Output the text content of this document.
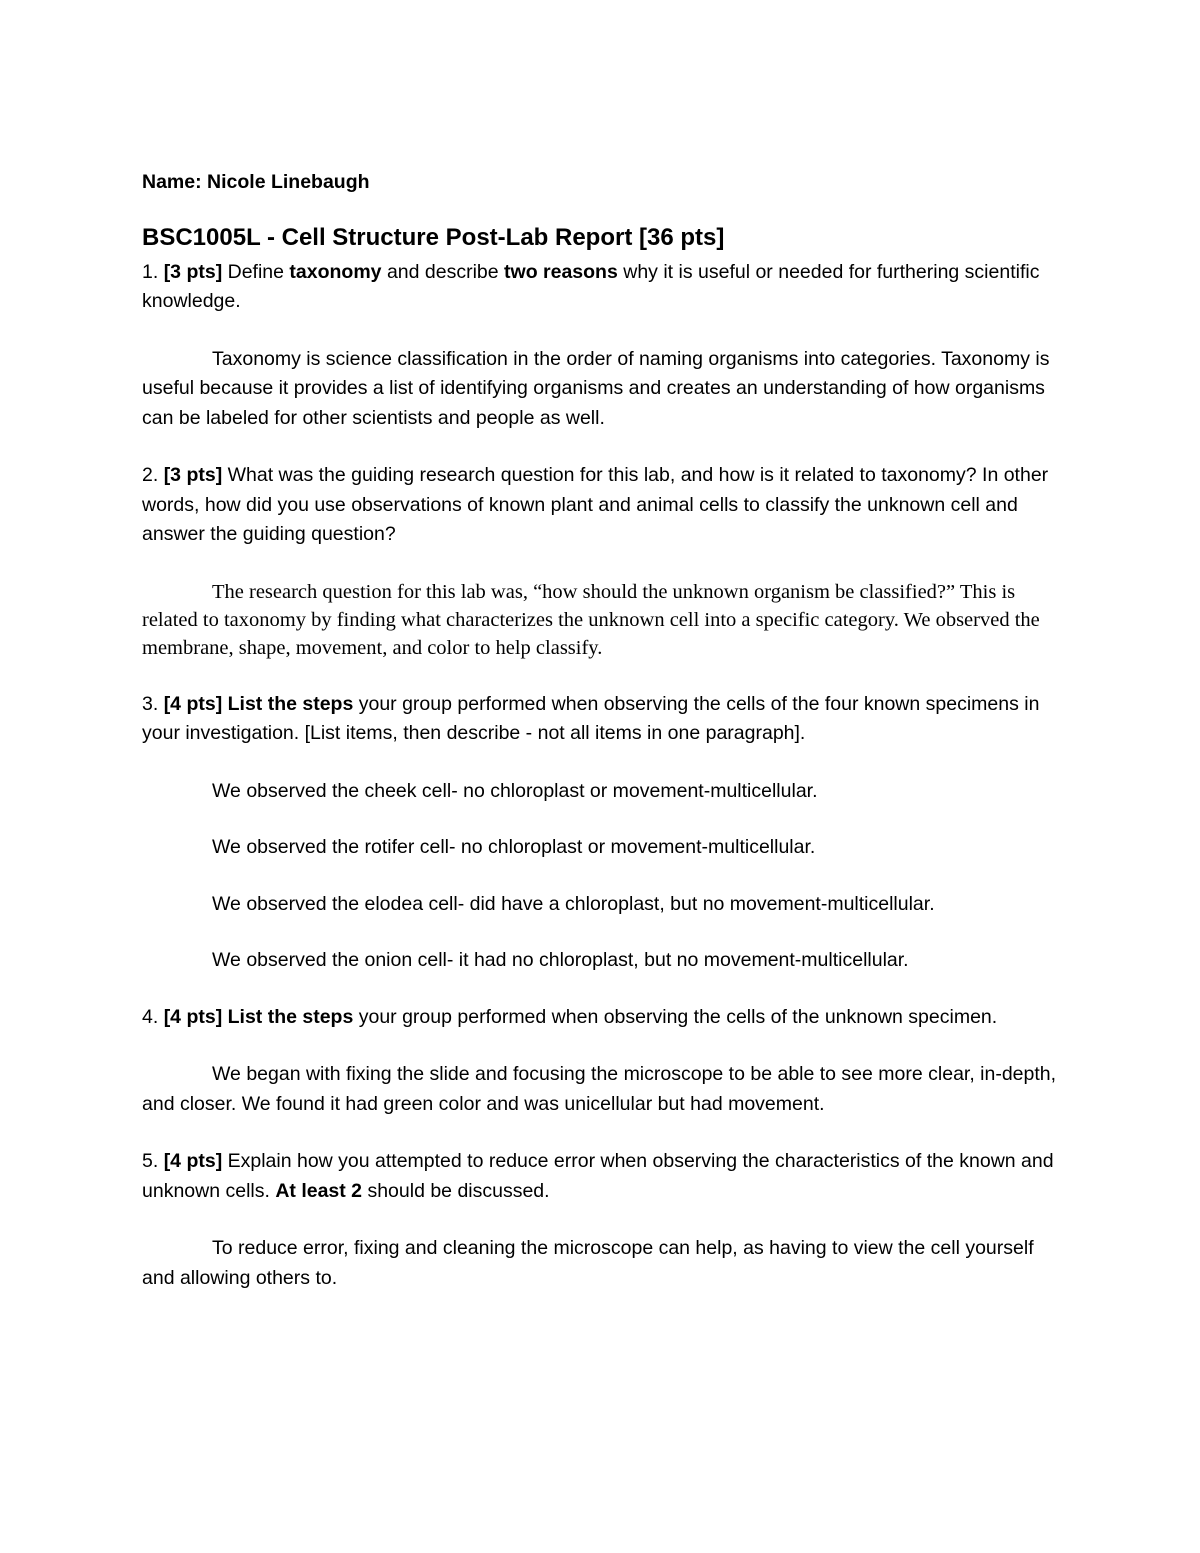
Name: Nicole Linebaugh

BSC1005L - Cell Structure Post-Lab Report [36 pts]

1. [3 pts] Define taxonomy and describe two reasons why it is useful or needed for furthering scientific knowledge.

Taxonomy is science classification in the order of naming organisms into categories. Taxonomy is useful because it provides a list of identifying organisms and creates an understanding of how organisms can be labeled for other scientists and people as well.

2. [3 pts] What was the guiding research question for this lab, and how is it related to taxonomy? In other words, how did you use observations of known plant and animal cells to classify the unknown cell and answer the guiding question?

The research question for this lab was, “how should the unknown organism be classified?” This is related to taxonomy by finding what characterizes the unknown cell into a specific category. We observed the membrane, shape, movement, and color to help classify.

3. [4 pts] List the steps your group performed when observing the cells of the four known specimens in your investigation. [List items, then describe - not all items in one paragraph].

We observed the cheek cell- no chloroplast or movement-multicellular.

We observed the rotifer cell- no chloroplast or movement-multicellular.

We observed the elodea cell- did have a chloroplast, but no movement-multicellular.

We observed the onion cell- it had no chloroplast, but no movement-multicellular.

4. [4 pts] List the steps your group performed when observing the cells of the unknown specimen.

We began with fixing the slide and focusing the microscope to be able to see more clear, in-depth, and closer. We found it had green color and was unicellular but had movement.

5. [4 pts] Explain how you attempted to reduce error when observing the characteristics of the known and unknown cells. At least 2 should be discussed.

To reduce error, fixing and cleaning the microscope can help, as having to view the cell yourself and allowing others to.
